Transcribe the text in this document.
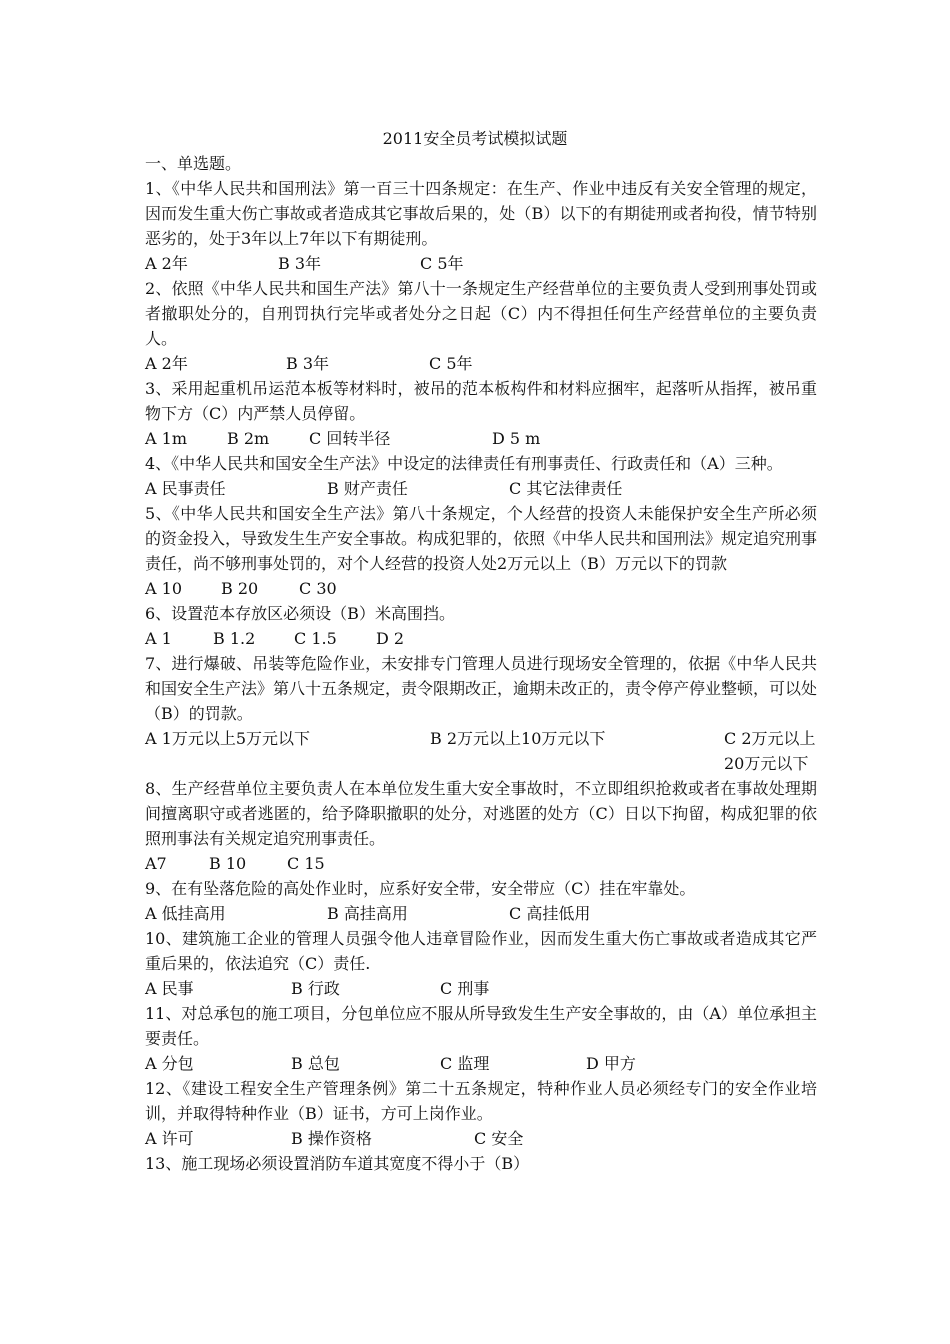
2011安全员考试模拟试题
一、单选题。
1、《中华人民共和国刑法》第一百三十四条规定：在生产、作业中违反有关安全管理的规定，因而发生重大伤亡事故或者造成其它事故后果的，处（B）以下的有期徒刑或者拘役，情节特别恶劣的，处于3年以上7年以下有期徒刑。
A 2年	B 3年	C 5年
2、依照《中华人民共和国生产法》第八十一条规定生产经营单位的主要负责人受到刑事处罚或者撤职处分的，自刑罚执行完毕或者处分之日起（C）内不得担任何生产经营单位的主要负责人。
A 2年	B 3年	C 5年
3、采用起重机吊运范本板等材料时，被吊的范本板构件和材料应捆牢，起落听从指挥，被吊重物下方（C）内严禁人员停留。
A 1m	B 2m C 回转半径	D 5 m
4、《中华人民共和国安全生产法》中设定的法律责任有刑事责任、行政责任和（A）三种。
A 民事责任	B 财产责任	C 其它法律责任
5、《中华人民共和国安全生产法》第八十条规定，个人经营的投资人未能保护安全生产所必须的资金投入，导致发生生产安全事故。构成犯罪的，依照《中华人民共和国刑法》规定追究刑事责任，尚不够刑事处罚的，对个人经营的投资人处2万元以上（B）万元以下的罚款
A 10 B 20	C 30
6、设置范本存放区必须设（B）米高围挡。
A 1	B 1.2 C 1.5 D 2
7、进行爆破、吊装等危险作业，未安排专门管理人员进行现场安全管理的，依据《中华人民共和国安全生产法》第八十五条规定，责令限期改正，逾期未改正的，责令停产停业整顿，可以处（B）的罚款。
A 1万元以上5万元以下	B 2万元以上10万元以下	C 2万元以上20万元以下
8、生产经营单位主要负责人在本单位发生重大安全事故时，不立即组织抢救或者在事故处理期间擅离职守或者逃匿的，给予降职撤职的处分，对逃匿的处方（C）日以下拘留，构成犯罪的依照刑事法有关规定追究刑事责任。
A7	B 10	C 15
9、在有坠落危险的高处作业时，应系好安全带，安全带应（C）挂在牢靠处。
A 低挂高用	B 高挂高用	C 高挂低用
10、建筑施工企业的管理人员强令他人违章冒险作业，因而发生重大伤亡事故或者造成其它严重后果的，依法追究（C）责任.
A 民事	B 行政	C 刑事
11、对总承包的施工项目，分包单位应不服从所导致发生生产安全事故的，由（A）单位承担主要责任。
A 分包	B 总包	C 监理	D 甲方
12、《建设工程安全生产管理条例》第二十五条规定，特种作业人员必须经专门的安全作业培训，并取得特种作业（B）证书，方可上岗作业。
A 许可	B 操作资格	C 安全
13、施工现场必须设置消防车道其宽度不得小于（B）
